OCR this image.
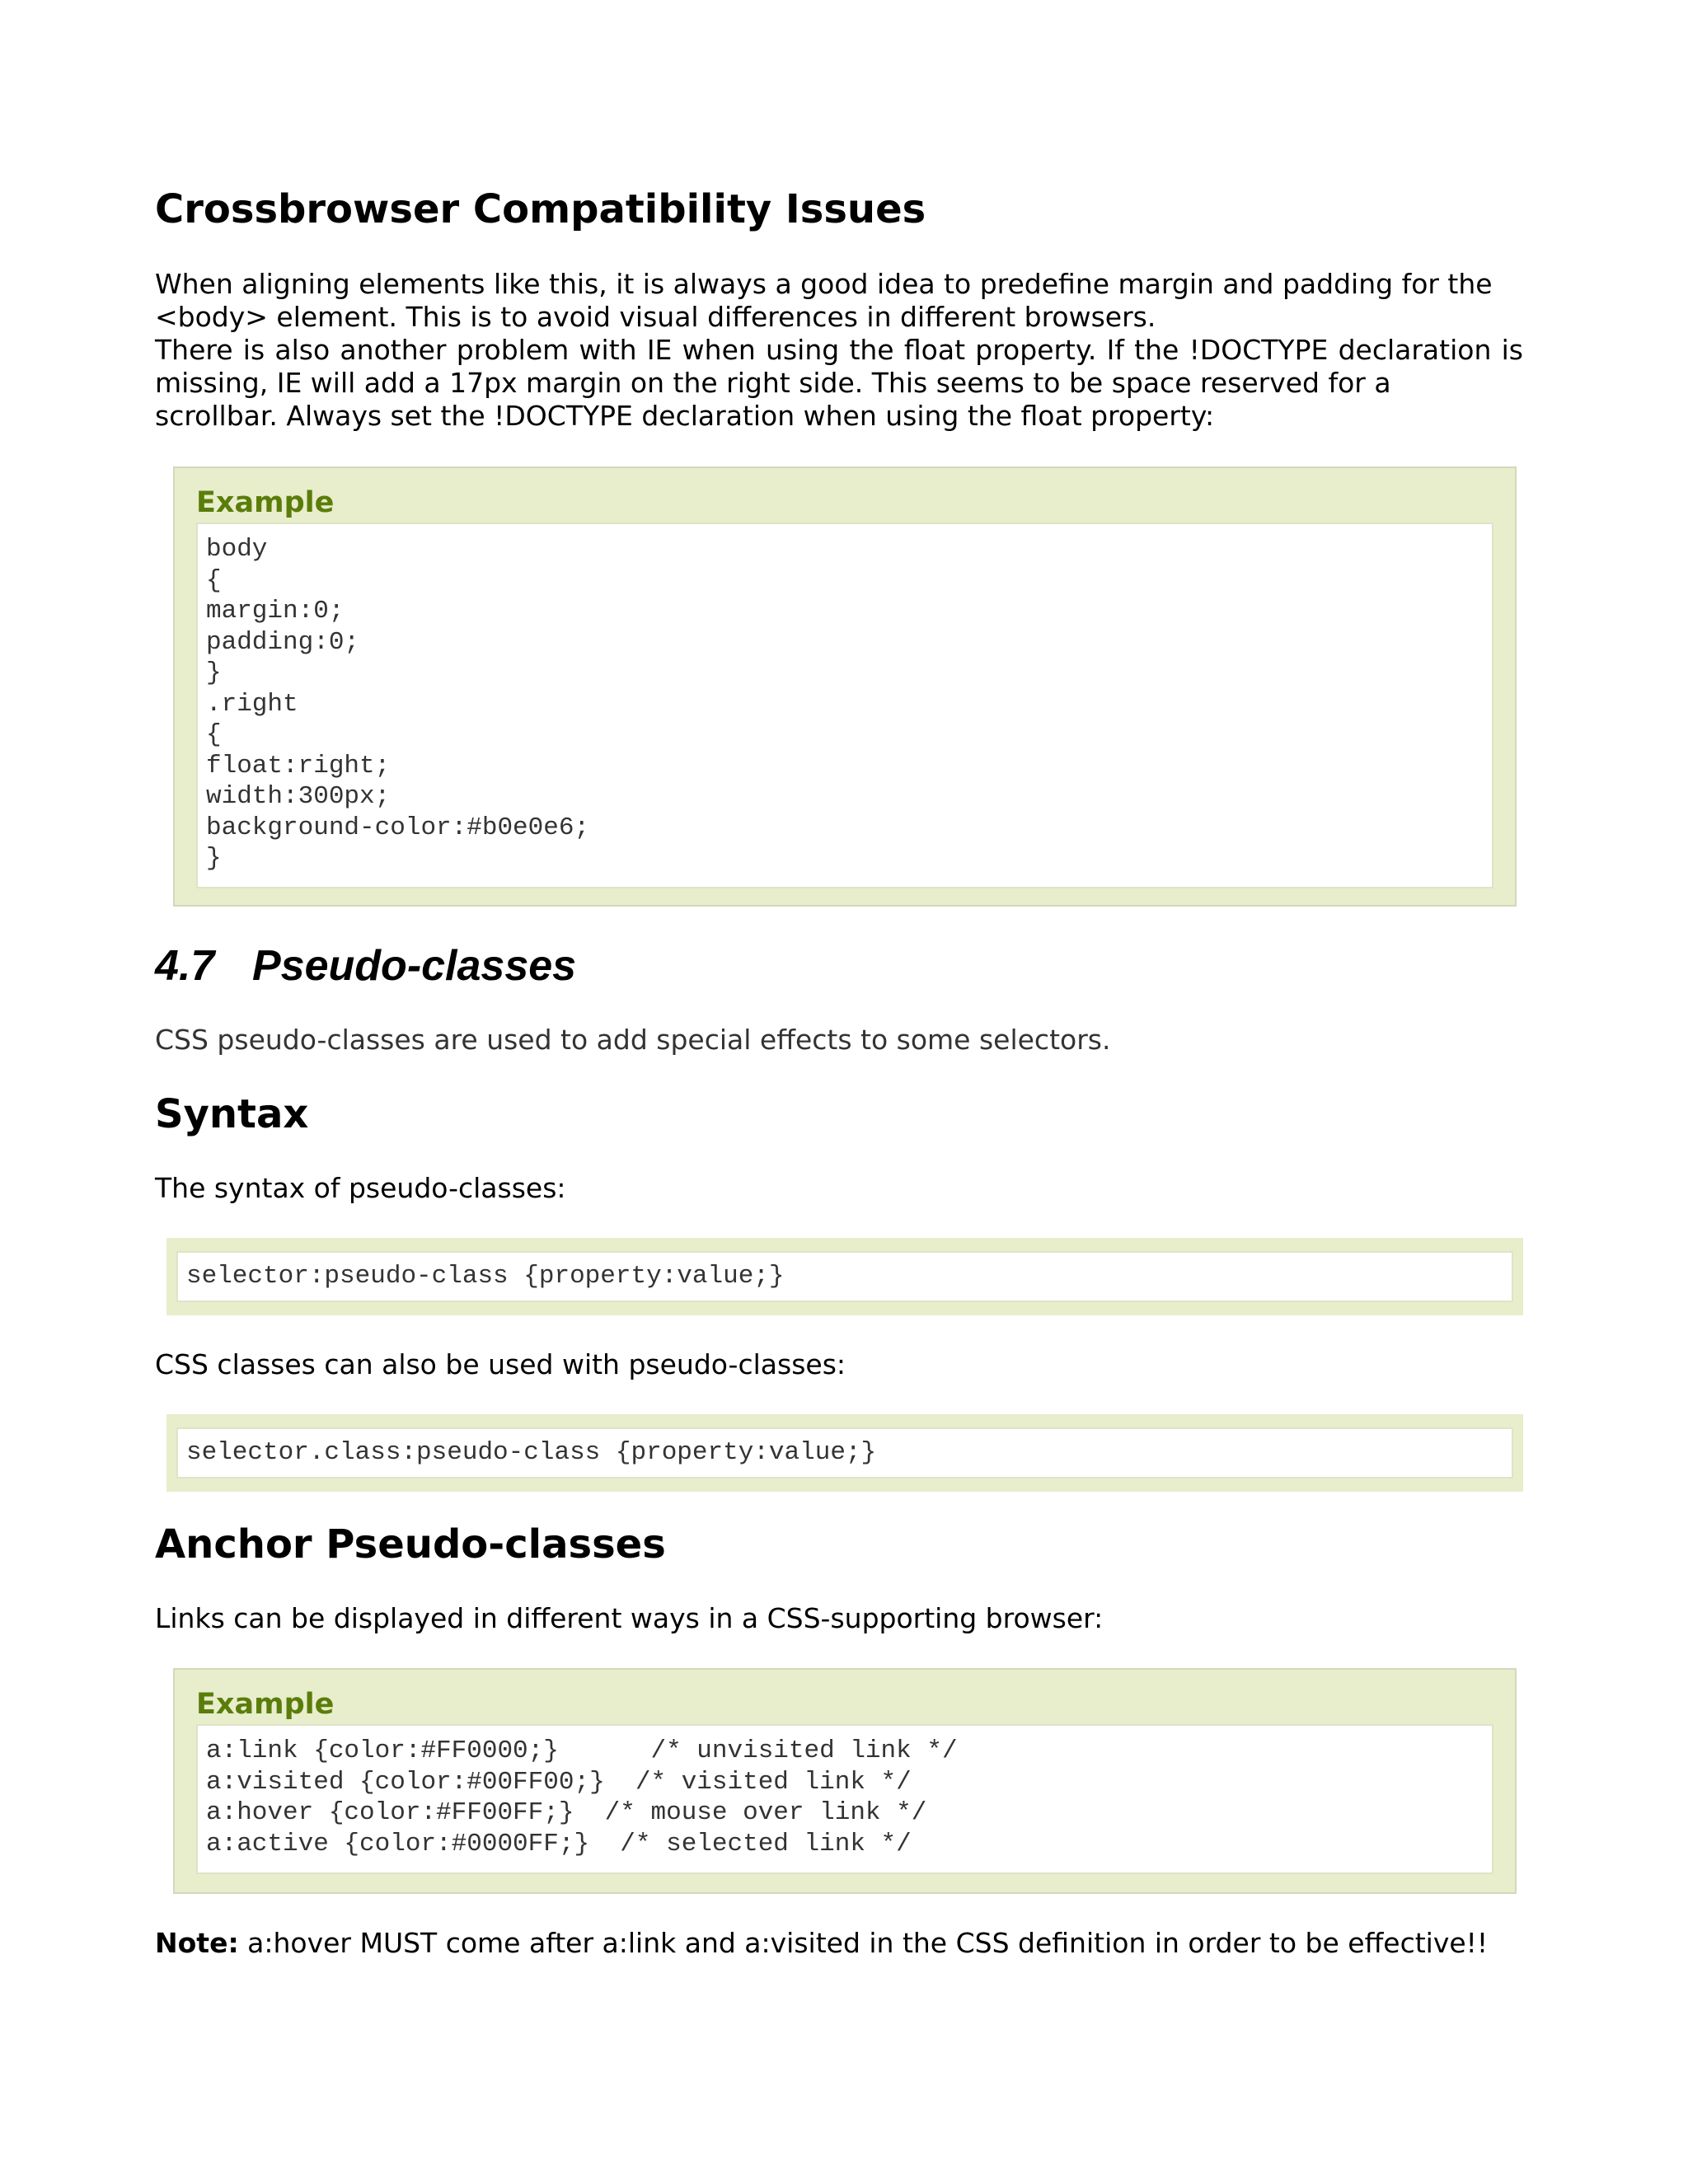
Crossbrowser Compatibility Issues

When aligning elements like this, it is always a good idea to predefine margin and padding for the

<body> element. This is to avoid visual differences in different browsers.

There is also another problem with IE when using the float property. If the !DOCTYPE declaration is missing, IE will add a 17px margin on the right side. This seems to be space reserved for a

scrollbar. Always set the !DOCTYPE declaration when using the float property:

Example
body
{
margin:0;
padding:0;
}
.right
{
float:right;
width:300px;
background-color:#b0e0e6;
}
4.7 Pseudo-classes

CSS pseudo-classes are used to add special effects to some selectors.

Syntax

The syntax of pseudo-classes:

selector:pseudo-class {property:value;}

CSS classes can also be used with pseudo-classes:

selector.class:pseudo-class {property:value;}
Anchor Pseudo-classes

Links can be displayed in different ways in a CSS-supporting browser:

Example
a:link {color:#FF0000;}      /* unvisited link */
a:visited {color:#00FF00;}  /* visited link */
a:hover {color:#FF00FF;}  /* mouse over link */
a:active {color:#0000FF;}  /* selected link */

Note: a:hover MUST come after a:link and a:visited in the CSS definition in order to be effective!!
